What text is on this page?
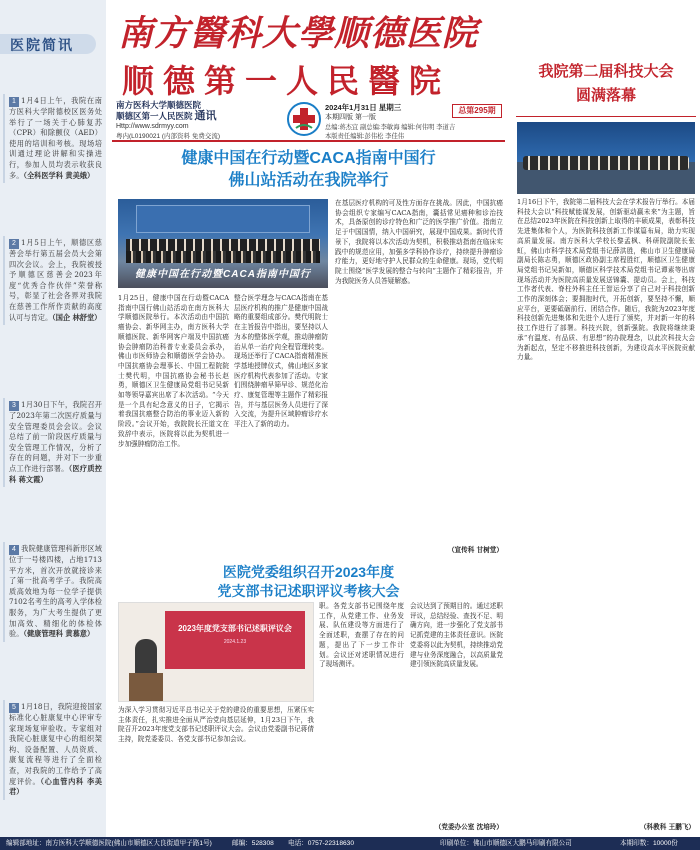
医院简讯

1 1月4日上午，我院在南方医科大学附德校区医务处举行了一场关于心肺复苏（CPR）和除颤仪（AED）使用的培训和考核。现场培训通过理论讲解和实操进行，参加人员均表示收获良多。（全科医学科 黄美娥）

2 1月5日上午，顺德区慈善会举行第五届会员大会第四次会议。会上，我院被授予顺德区慈善会2023年度“优秀合作伙伴”荣誉称号，彰显了社会各界对我院在慈善工作所作贡献的高度认可与肯定。（国企 林舒堂）

3 1月30日下午，我院召开了2023年第二次医疗质量与安全管理委员会会议。会议总结了前一阶段医疗质量与安全管理工作情况，分析了存在的问题，并对下一步重点工作进行部署。（医疗质控科 蒋文霞）

4 我院健康管理科新形区域位于一号楼四楼，占地1713平方米，首次开放就接诊来了第一批高考学子。我院高质高效地为每一位学子提供7102名考生的高考入学体检服务，为广大考生提供了更加高效、精细化的体检体验。（健康管理科 黄慕意）

5 1月18日，我院迎接国家标准化心脏康复中心评审专家现场复审验收。专家组对我院心脏康复中心的组织架构、设备配置、人员资质、康复流程等进行了全面检查，对我院的工作给予了高度评价。（心血管内科 李美君）

南方醫科大學顺德医院
顺德第一人民醫院
南方医科大学顺德医院
顺德区第一人民医院 通讯
Http://www.sdrmyy.com
粤内(L0190021 (内部资料 免费交流)
2024年1月31日 星期三
本期四版 第一版
总编:蒋杰宜 副总编:李敏海 编辑:何伟明 李道吉
本版责任编辑:彭伟松 李佳伟
总第295期
健康中国在行动暨CACA指南中国行
佛山站活动在我院举行
健康中国在行动暨CACA指南中国行
1月25日，健康中国在行动暨CACA指南中国行佛山站活动在南方医科大学顺德医院举行。本次活动由中国抗癌协会、新华网主办，南方医科大学顺德医院、新华网客户端及中国抗癌协会肿瘤防治科普专业委员会承办，佛山市医师协会和顺德医学会协办。中国抗癌协会理事长、中国工程院院士樊代明，中国抗癌协会秘书长赵勇，顺德区卫生健康局党组书记吴新如等领导嘉宾出席了本次活动。“今天是一个具有纪念意义的日子，它揭示着我国抗癌整合防治的事业迈入新的阶段。”会议开始，我院院长汪道文在致辞中表示，医院将以此为契机进一步加强肿瘤防治工作。
整合医学理念与CACA指南在基层医疗机构的推广是健康中国战略的重要组成部分。樊代明院士在主旨报告中指出，要坚持以人为本的整体医学观，推动肿瘤防治从单一治疗向全程管理转变。现场还举行了CACA指南精准医学基地授牌仪式，佛山地区多家医疗机构代表参加了活动。专家们围绕肿瘤早筛早诊、规范化治疗、康复管理等主题作了精彩报告，并与基层医务人员进行了深入交流，为提升区域肿瘤诊疗水平注入了新的动力。
在基层医疗机构的可及性方面存在挑战。因此，中国抗癌协会组织专家编写CACA指南，囊括常见癌种和诊治技术，具备原创的诊疗特色和广泛的医学推广价值。指南立足于中国国情，纳入中国研究，展现中国成果。新时代背景下，我院将以本次活动为契机，积极推动指南在临床实践中的规范应用，加强多学科协作诊疗，持续提升肿瘤诊疗能力，更好地守护人民群众的生命健康。现场，党代明院士围绕“医学发展的整合与转向”主题作了精彩报告，并为我院医务人员答疑解惑。
（宣传科 甘树堂）
医院党委组织召开2023年度
党支部书记述职评议考核大会
2023年度党支部书记述职评议会
2024.1.23
为深入学习贯彻习近平总书记关于党的建设的重要思想，压紧压实主体责任，扎实推进全面从严治党向基层延伸，1月23日下午，我院召开2023年度党支部书记述职评议大会。会议由党委副书记蒋倩主持，院党委委员、各党支部书记参加会议。
职。各党支部书记围绕年度工作，从党建工作、业务发展、队伍建设等方面进行了全面述职，查摆了存在的问题，提出了下一步工作计划。会议还对述职情况进行了现场测评。
会议达到了预期目的。通过述职评议，总结经验、查找不足、明确方向，进一步强化了党支部书记抓党建的主体责任意识。医院党委将以此为契机，持续推动党建与业务深度融合，以高质量党建引领医院高质量发展。
（党委办公室 沈培玲）
我院第二届科技大会
圆满落幕
1月16日下午，我院第二届科技大会在学术报告厅举行。本届科技大会以“科技赋能谋发展，创新驱动赢未来”为主题，旨在总结2023年医院在科技创新上取得的丰硕成果，表彰科技先进集体和个人，为医院科技创新工作谋篇布局，助力实现高质量发展。南方医科大学校长黎孟枫、科研院副院长张虹，佛山市科学技术局党组书记薛洪胜，佛山市卫生健康局副局长陈志勇，顺德区政协副主席程胜红，顺德区卫生健康局党组书记吴新如，顺德区科学技术局党组书记谭素等出席现场活动并为医院高质量发展送锦囊、提动员。会上，科技工作者代表、脊柱外科主任王智运分享了自己对于科技创新工作的深刻体会；要拥抱时代，开拓创新，要坚持不懈，顺应平台，更要砥砺前行、团结合作。随后，我院为2023年度科技创新先进集体和先进个人进行了颁奖，并对新一年的科技工作进行了部署。科技兴院，创新强院。我院将继续秉承“有温度、有品质、有思想”的办院理念，以此次科技大会为新起点，坚定不移推进科技创新，为建设高水平医院贡献力量。
（科教科 王鹏飞）
编辑部地址：南方医科大学顺德医院(佛山市顺德区大良街道甲子路1号)	邮编：528308 电话：0757-22318630	印刷单位：佛山市顺德区大鹏马印刷有限公司	本期印数：10000份
